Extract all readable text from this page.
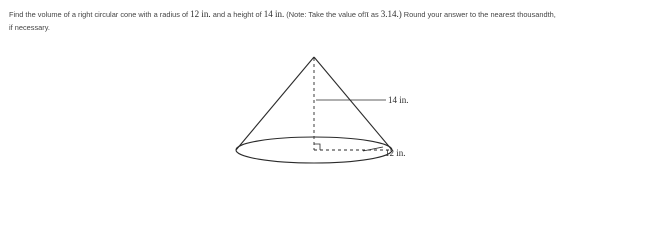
Find the volume of a right circular cone with a radius of 12 in. and a height of 14 in. (Note: Take the value ofπ as 3.14.) Round your answer to the nearest thousandth,
if necessary.
14 in.
12 in.
